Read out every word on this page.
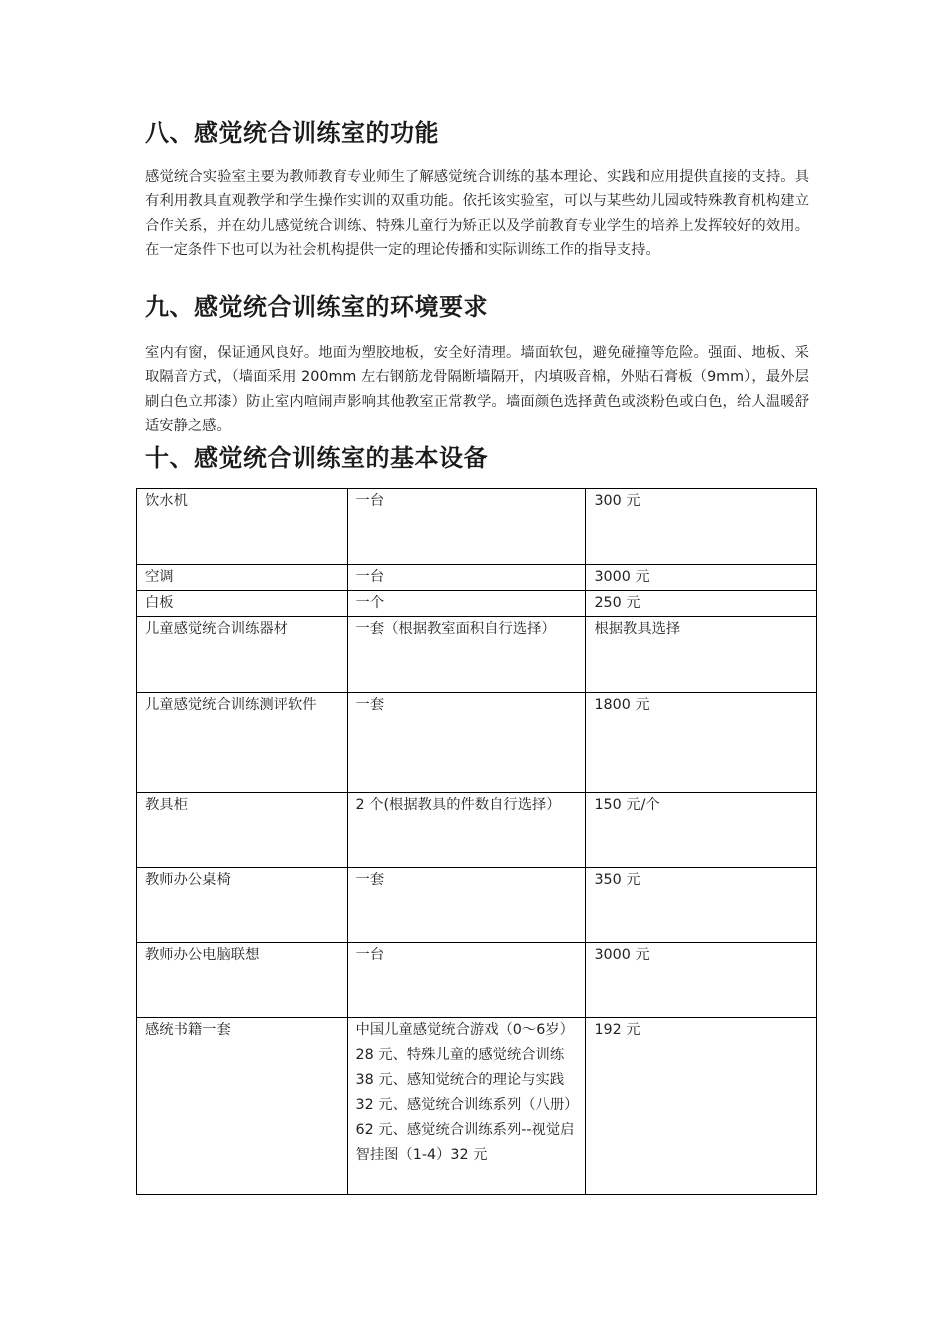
八、感觉统合训练室的功能

感觉统合实验室主要为教师教育专业师生了解感觉统合训练的基本理论、实践和应用提供直接的支持。具有利用教具直观教学和学生操作实训的双重功能。依托该实验室，可以与某些幼儿园或特殊教育机构建立合作关系，并在幼儿感觉统合训练、特殊儿童行为矫正以及学前教育专业学生的培养上发挥较好的效用。在一定条件下也可以为社会机构提供一定的理论传播和实际训练工作的指导支持。

九、感觉统合训练室的环境要求

室内有窗，保证通风良好。地面为塑胶地板，安全好清理。墙面软包，避免碰撞等危险。强面、地板、采取隔音方式，（墙面采用 200mm 左右钢筋龙骨隔断墙隔开，内填吸音棉，外贴石膏板（9mm），最外层刷白色立邦漆）防止室内喧闹声影响其他教室正常教学。墙面颜色选择黄色或淡粉色或白色，给人温暖舒适安静之感。

十、感觉统合训练室的基本设备
饮水机	一台	300 元
空调	一台	3000 元
白板	一个	250 元
儿童感觉统合训练器材	一套（根据教室面积自行选择）	根据教具选择
儿童感觉统合训练测评软件	一套	1800 元
教具柜	2 个(根据教具的件数自行选择）	150 元/个
教师办公桌椅	一套	350 元
教师办公电脑联想	一台	3000 元
感统书籍一套	中国儿童感觉统合游戏（0～6岁）28 元、特殊儿童的感觉统合训练 38 元、感知觉统合的理论与实践 32 元、感觉统合训练系列（八册）62 元、感觉统合训练系列--视觉启智挂图（1-4）32 元	192 元
